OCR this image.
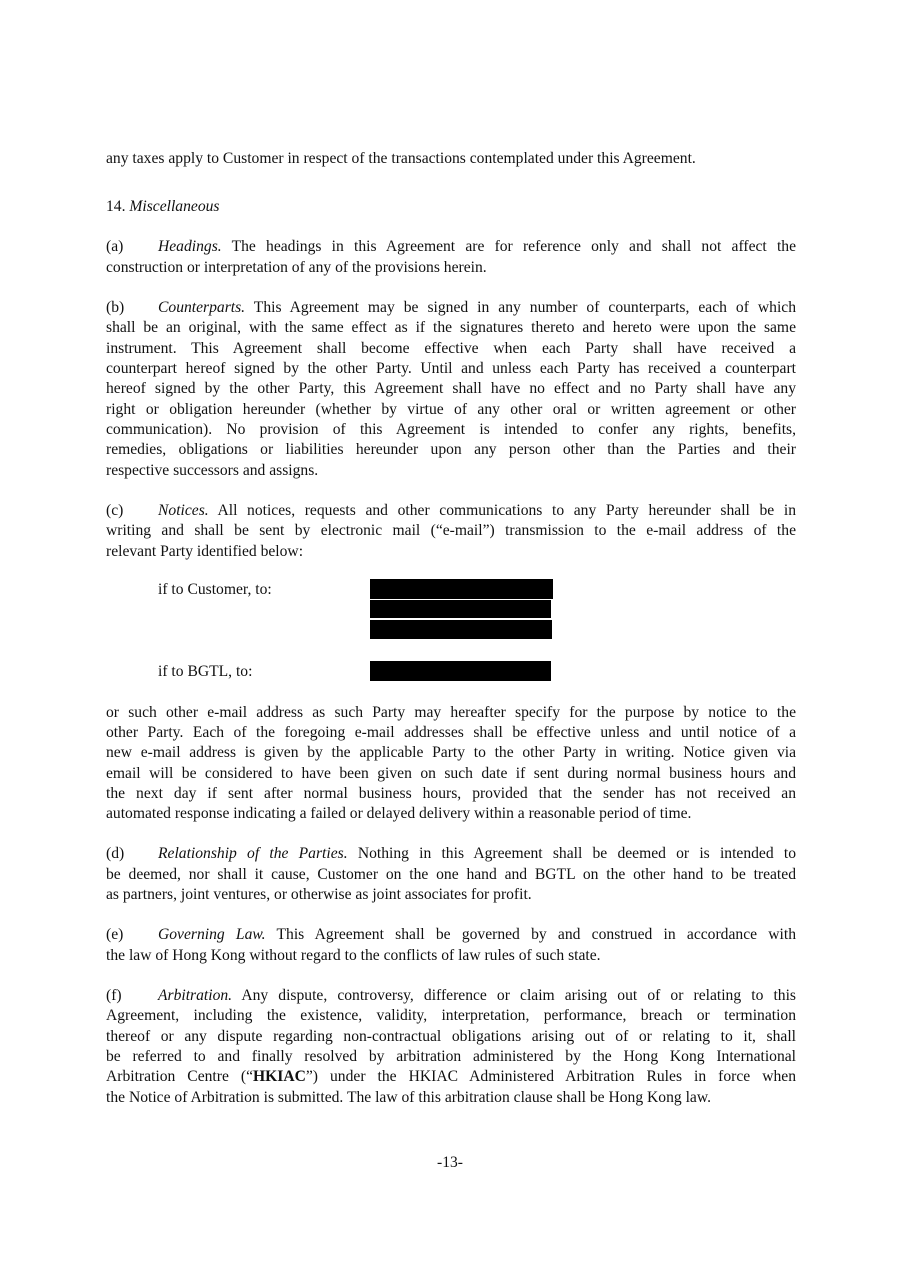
any taxes apply to Customer in respect of the transactions contemplated under this Agreement.
14. Miscellaneous
(a) Headings. The headings in this Agreement are for reference only and shall not affect the
construction or interpretation of any of the provisions herein.
(b) Counterparts. This Agreement may be signed in any number of counterparts, each of which
shall be an original, with the same effect as if the signatures thereto and hereto were upon the same
instrument. This Agreement shall become effective when each Party shall have received a
counterpart hereof signed by the other Party. Until and unless each Party has received a counterpart
hereof signed by the other Party, this Agreement shall have no effect and no Party shall have any
right or obligation hereunder (whether by virtue of any other oral or written agreement or other
communication). No provision of this Agreement is intended to confer any rights, benefits,
remedies, obligations or liabilities hereunder upon any person other than the Parties and their
respective successors and assigns.
(c) Notices. All notices, requests and other communications to any Party hereunder shall be in
writing and shall be sent by electronic mail (“e-mail”) transmission to the e-mail address of the
relevant Party identified below:
if to Customer, to:
if to BGTL, to:
or such other e-mail address as such Party may hereafter specify for the purpose by notice to the
other Party. Each of the foregoing e-mail addresses shall be effective unless and until notice of a
new e-mail address is given by the applicable Party to the other Party in writing. Notice given via
email will be considered to have been given on such date if sent during normal business hours and
the next day if sent after normal business hours, provided that the sender has not received an
automated response indicating a failed or delayed delivery within a reasonable period of time.
(d) Relationship of the Parties. Nothing in this Agreement shall be deemed or is intended to
be deemed, nor shall it cause, Customer on the one hand and BGTL on the other hand to be treated
as partners, joint ventures, or otherwise as joint associates for profit.
(e) Governing Law. This Agreement shall be governed by and construed in accordance with
the law of Hong Kong without regard to the conflicts of law rules of such state.
(f) Arbitration. Any dispute, controversy, difference or claim arising out of or relating to this
Agreement, including the existence, validity, interpretation, performance, breach or termination
thereof or any dispute regarding non-contractual obligations arising out of or relating to it, shall
be referred to and finally resolved by arbitration administered by the Hong Kong International
Arbitration Centre (“HKIAC”) under the HKIAC Administered Arbitration Rules in force when
the Notice of Arbitration is submitted. The law of this arbitration clause shall be Hong Kong law.
-13-
